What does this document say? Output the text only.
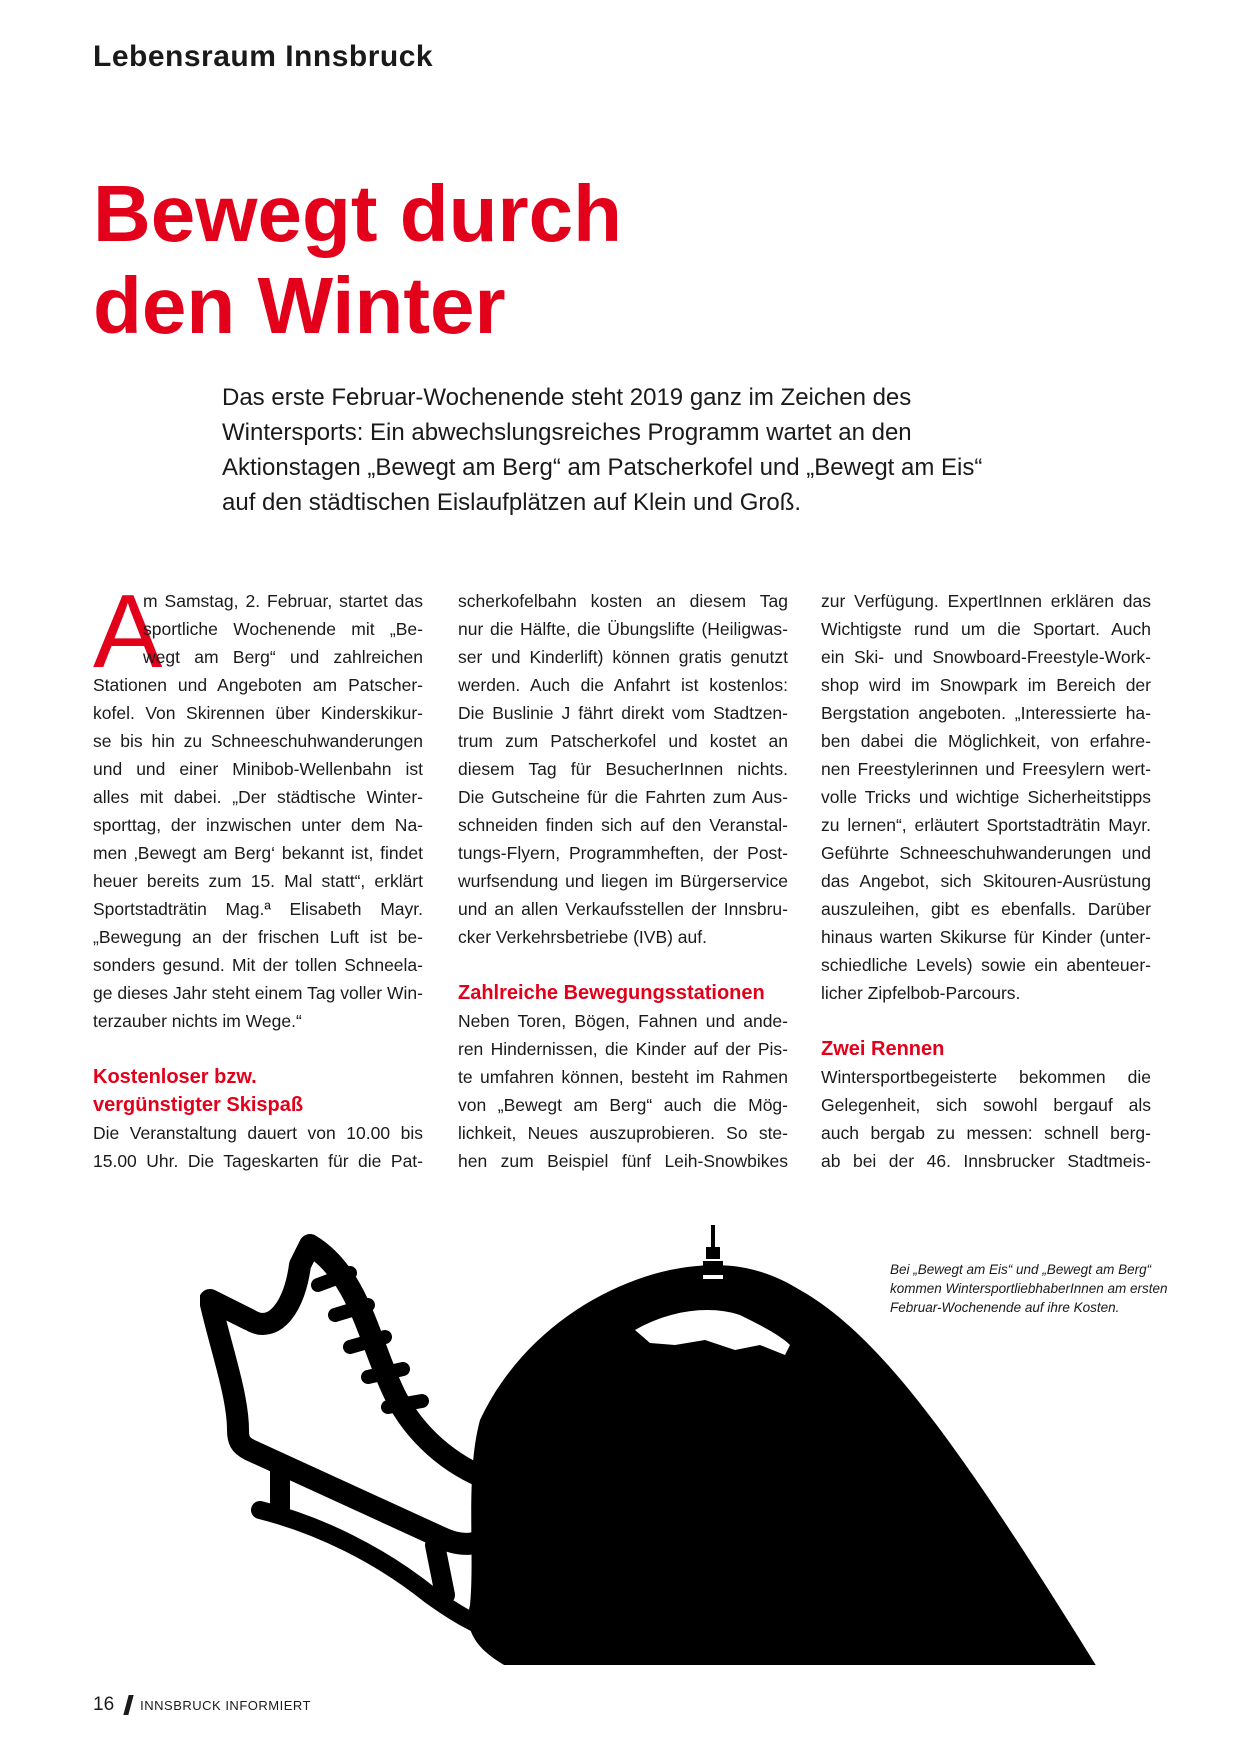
Lebensraum Innsbruck
Bewegt durch
den Winter
Das erste Februar-Wochenende steht 2019 ganz im Zeichen des
Wintersports: Ein abwechslungsreiches Programm wartet an den
Aktionstagen „Bewegt am Berg“ am Patscherkofel und „Bewegt am Eis“
auf den städtischen Eislaufplätzen auf Klein und Groß.
A
m Samstag, 2. Februar, startet das
sportliche Wochenende mit „Be-
wegt am Berg“ und zahlreichen
Stationen und Angeboten am Patscher-
kofel. Von Skirennen über Kinderskikur-
se bis hin zu Schneeschuhwanderungen
und und einer Minibob-Wellenbahn ist
alles mit dabei. „Der städtische Winter-
sporttag, der inzwischen unter dem Na-
men ‚Bewegt am Berg‘ bekannt ist, findet
heuer bereits zum 15. Mal statt“, erklärt
Sportstadträtin Mag.ª Elisabeth Mayr.
„Bewegung an der frischen Luft ist be-
sonders gesund. Mit der tollen Schneela-
ge dieses Jahr steht einem Tag voller Win-
terzauber nichts im Wege.“
Kostenloser bzw.
vergünstigter Skispaß
Die Veranstaltung dauert von 10.00 bis
15.00 Uhr. Die Tageskarten für die Pat-
scherkofelbahn kosten an diesem Tag
nur die Hälfte, die Übungslifte (Heiligwas-
ser und Kinderlift) können gratis genutzt
werden. Auch die Anfahrt ist kostenlos:
Die Buslinie J fährt direkt vom Stadtzen-
trum zum Patscherkofel und kostet an
diesem Tag für BesucherInnen nichts.
Die Gutscheine für die Fahrten zum Aus-
schneiden finden sich auf den Veranstal-
tungs-Flyern, Programmheften, der Post-
wurfsendung und liegen im Bürgerservice
und an allen Verkaufsstellen der Innsbru-
cker Verkehrsbetriebe (IVB) auf.
Zahlreiche Bewegungsstationen
Neben Toren, Bögen, Fahnen und ande-
ren Hindernissen, die Kinder auf der Pis-
te umfahren können, besteht im Rahmen
von „Bewegt am Berg“ auch die Mög-
lichkeit, Neues auszuprobieren. So ste-
hen zum Beispiel fünf Leih-Snowbikes
zur Verfügung. ExpertInnen erklären das
Wichtigste rund um die Sportart. Auch
ein Ski- und Snowboard-Freestyle-Work-
shop wird im Snowpark im Bereich der
Bergstation angeboten. „Interessierte ha-
ben dabei die Möglichkeit, von erfahre-
nen Freestylerinnen und Freesylern wert-
volle Tricks und wichtige Sicherheitstipps
zu lernen“, erläutert Sportstadträtin Mayr.
Geführte Schneeschuhwanderungen und
das Angebot, sich Skitouren-Ausrüstung
auszuleihen, gibt es ebenfalls. Darüber
hinaus warten Skikurse für Kinder (unter-
schiedliche Levels) sowie ein abenteuer-
licher Zipfelbob-Parcours.
Zwei Rennen
Wintersportbegeisterte bekommen die
Gelegenheit, sich sowohl bergauf als
auch bergab zu messen: schnell berg-
ab bei der 46. Innsbrucker Stadtmeis-
Bei „Bewegt am Eis“ und „Bewegt am Berg“
kommen WintersportliebhaberInnen am ersten
Februar-Wochenende auf ihre Kosten.
16 INNSBRUCK INFORMIERT
